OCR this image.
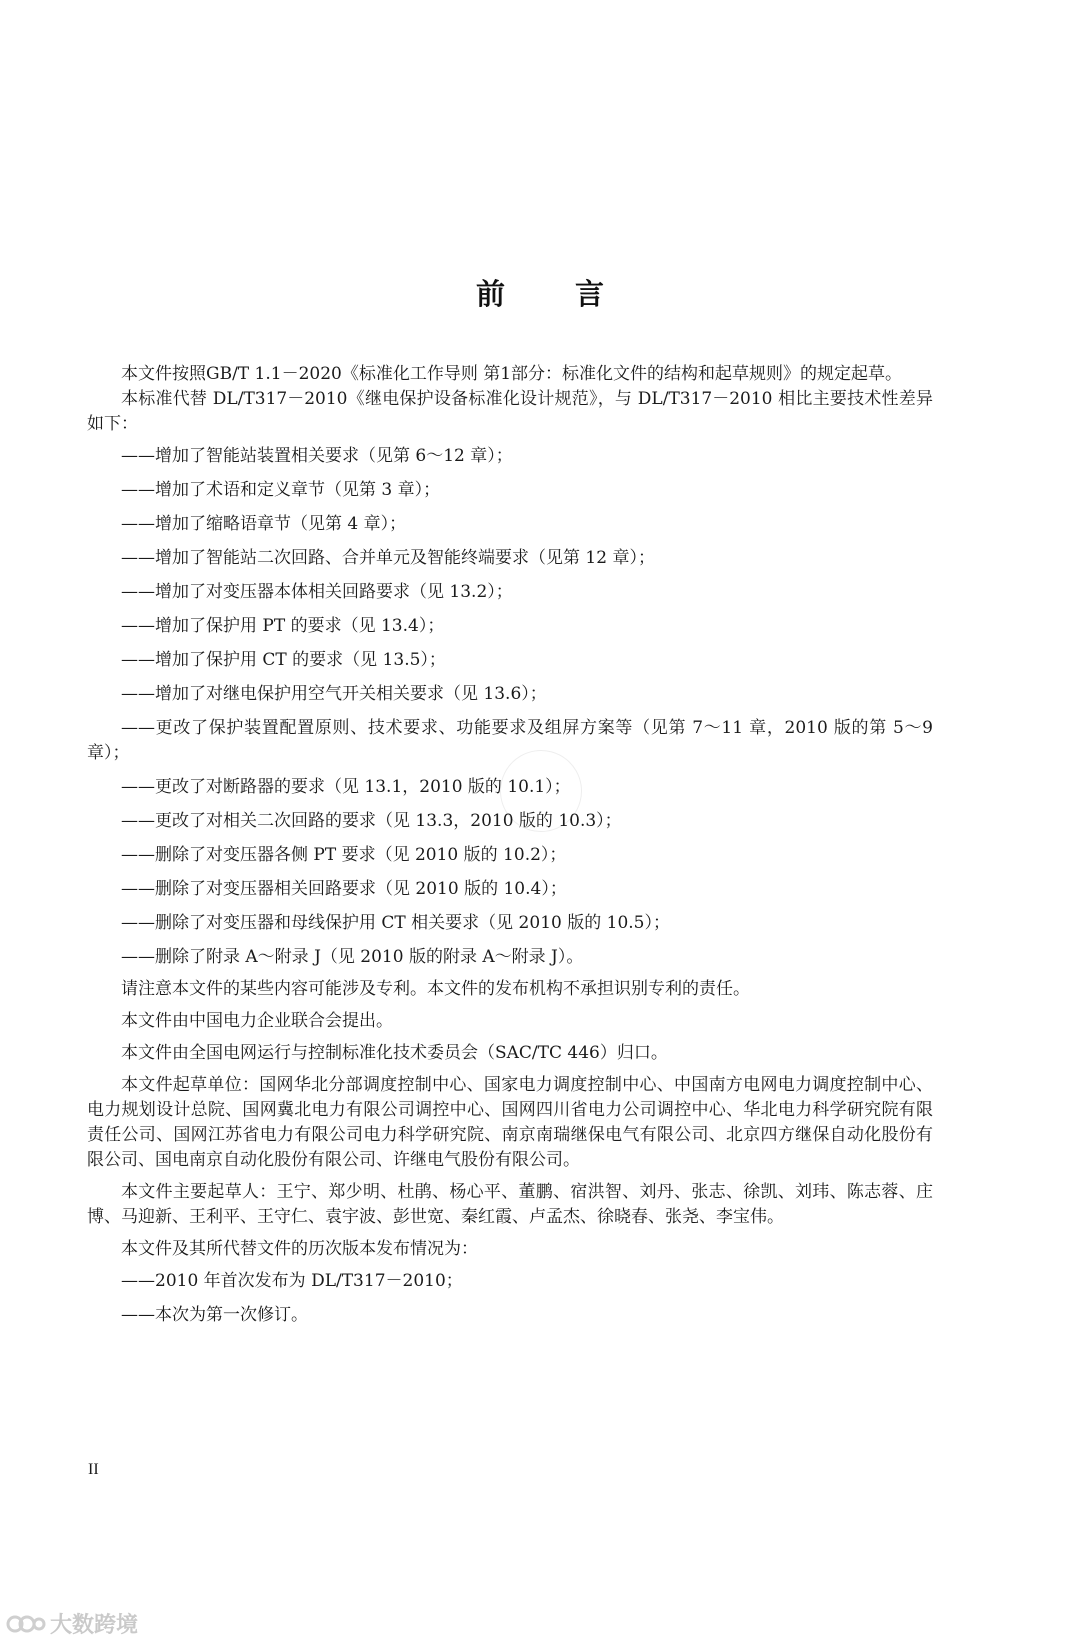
前 言

本文件按照GB/T 1.1－2020《标准化工作导则 第1部分：标准化文件的结构和起草规则》的规定起草。

本标准代替 DL/T317－2010《继电保护设备标准化设计规范》，与 DL/T317－2010 相比主要技术性差异如下：

——增加了智能站装置相关要求（见第 6～12 章）；

——增加了术语和定义章节（见第 3 章）；

——增加了缩略语章节（见第 4 章）；

——增加了智能站二次回路、合并单元及智能终端要求（见第 12 章）；

——增加了对变压器本体相关回路要求（见 13.2）；

——增加了保护用 PT 的要求（见 13.4）；

——增加了保护用 CT 的要求（见 13.5）；

——增加了对继电保护用空气开关相关要求（见 13.6）；

——更改了保护装置配置原则、技术要求、功能要求及组屏方案等（见第 7～11 章，2010 版的第 5～9 章）；

——更改了对断路器的要求（见 13.1，2010 版的 10.1）；

——更改了对相关二次回路的要求（见 13.3，2010 版的 10.3）；

——删除了对变压器各侧 PT 要求（见 2010 版的 10.2）；

——删除了对变压器相关回路要求（见 2010 版的 10.4）；

——删除了对变压器和母线保护用 CT 相关要求（见 2010 版的 10.5）；

——删除了附录 A～附录 J（见 2010 版的附录 A～附录 J）。

请注意本文件的某些内容可能涉及专利。本文件的发布机构不承担识别专利的责任。

本文件由中国电力企业联合会提出。

本文件由全国电网运行与控制标准化技术委员会（SAC/TC 446）归口。

本文件起草单位：国网华北分部调度控制中心、国家电力调度控制中心、中国南方电网电力调度控制中心、电力规划设计总院、国网冀北电力有限公司调控中心、国网四川省电力公司调控中心、华北电力科学研究院有限责任公司、国网江苏省电力有限公司电力科学研究院、南京南瑞继保电气有限公司、北京四方继保自动化股份有限公司、国电南京自动化股份有限公司、许继电气股份有限公司。

本文件主要起草人：王宁、郑少明、杜鹃、杨心平、董鹏、宿洪智、刘丹、张志、徐凯、刘玮、陈志蓉、庄博、马迎新、王利平、王守仁、袁宇波、彭世宽、秦红霞、卢孟杰、徐晓春、张尧、李宝伟。

本文件及其所代替文件的历次版本发布情况为：

——2010 年首次发布为 DL/T317－2010；

——本次为第一次修订。

II
大数跨境
